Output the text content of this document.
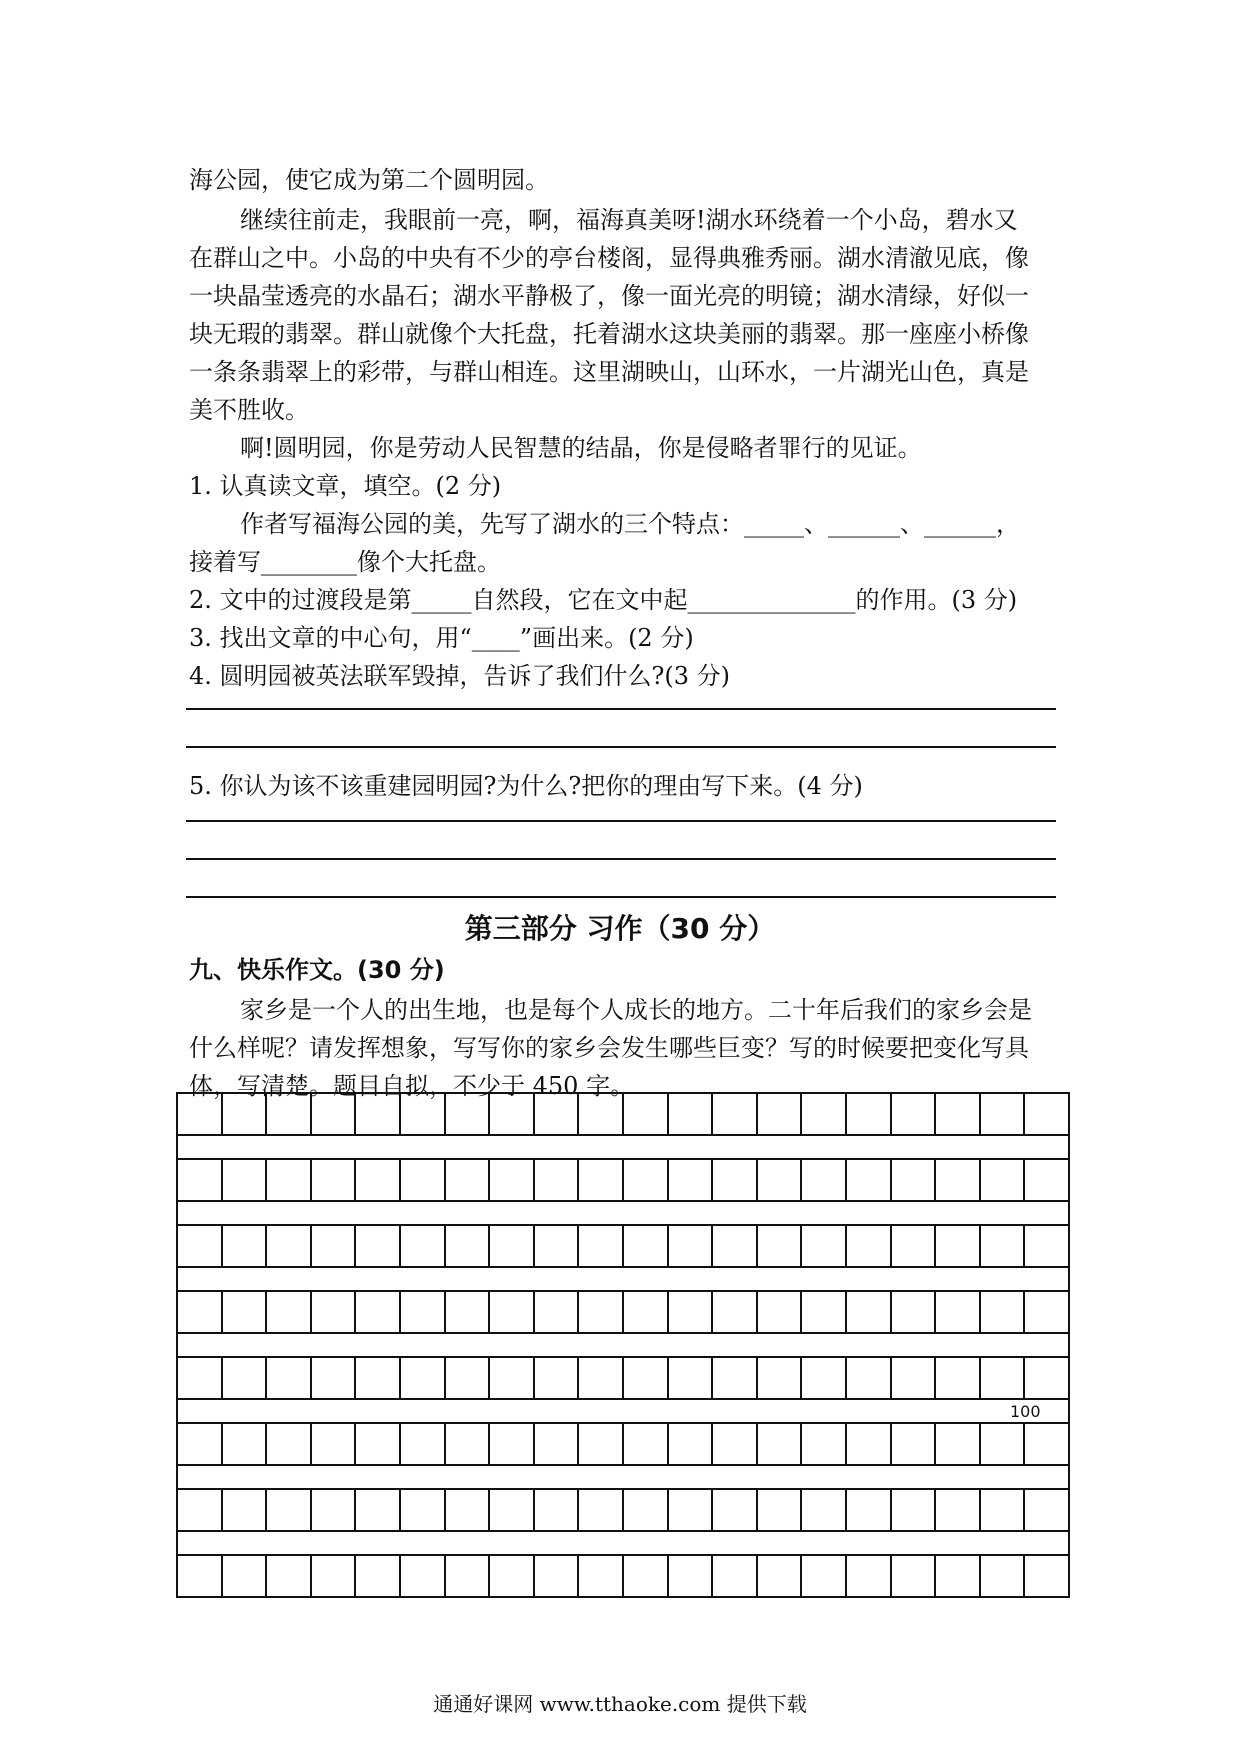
海公园，使它成为第二个圆明园。
继续往前走，我眼前一亮，啊，福海真美呀!湖水环绕着一个小岛，碧水又
在群山之中。小岛的中央有不少的亭台楼阁，显得典雅秀丽。湖水清澈见底，像
一块晶莹透亮的水晶石；湖水平静极了，像一面光亮的明镜；湖水清绿，好似一
块无瑕的翡翠。群山就像个大托盘，托着湖水这块美丽的翡翠。那一座座小桥像
一条条翡翠上的彩带，与群山相连。这里湖映山，山环水，一片湖光山色，真是
美不胜收。
啊!圆明园，你是劳动人民智慧的结晶，你是侵略者罪行的见证。
1. 认真读文章，填空。(2 分)
作者写福海公园的美，先写了湖水的三个特点：_____、______、______，
接着写________像个大托盘。
2. 文中的过渡段是第_____自然段，它在文中起______________的作用。(3 分)
3. 找出文章的中心句，用“____”画出来。(2 分)
4. 圆明园被英法联军毁掉，告诉了我们什么?(3 分)
5. 你认为该不该重建园明园?为什么?把你的理由写下来。(4 分)
第三部分 习作（30 分）
九、快乐作文。(30 分)
家乡是一个人的出生地，也是每个人成长的地方。二十年后我们的家乡会是
什么样呢？请发挥想象，写写你的家乡会发生哪些巨变？写的时候要把变化写具
体，写清楚。题目自拟，不少于 450 字。
100
通通好课网 www.tthaoke.com 提供下载
